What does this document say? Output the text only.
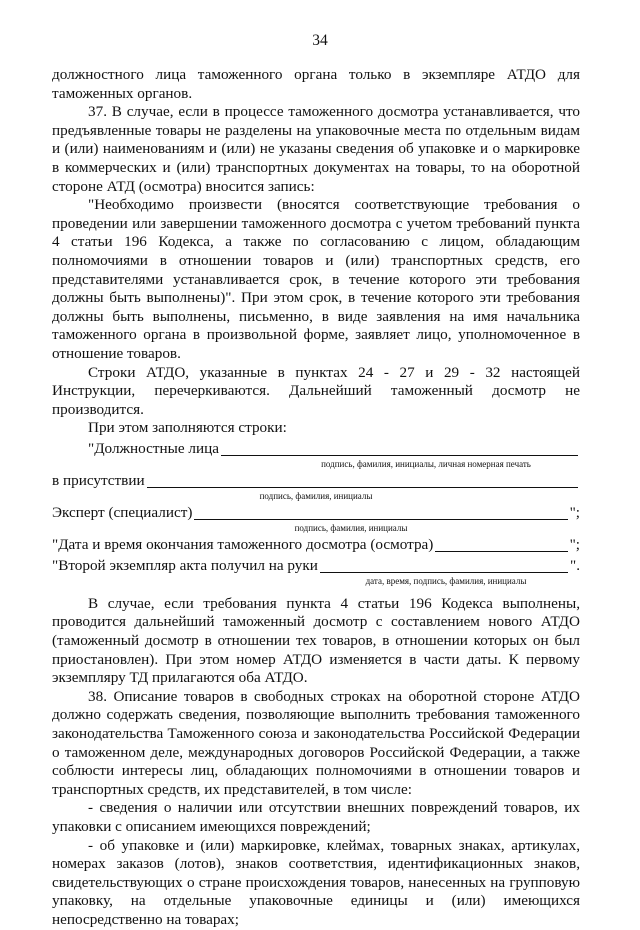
34

должностного лица таможенного органа только в экземпляре АТДО для таможенных органов.

37. В случае, если в процессе таможенного досмотра устанавливается, что предъявленные товары не разделены на упаковочные места по отдельным видам и (или) наименованиям и (или) не указаны сведения об упаковке и о маркировке в коммерческих и (или) транспортных документах на товары, то на оборотной стороне АТД (осмотра) вносится запись:

"Необходимо произвести (вносятся соответствующие требования о проведении или завершении таможенного досмотра с учетом требований пункта 4 статьи 196 Кодекса, а также по согласованию с лицом, обладающим полномочиями в отношении товаров и (или) транспортных средств, его представителями устанавливается срок, в течение которого эти требования должны быть выполнены)". При этом срок, в течение которого эти требования должны быть выполнены, письменно, в виде заявления на имя начальника таможенного органа в произвольной форме, заявляет лицо, уполномоченное в отношение товаров.

Строки АТДО, указанные в пунктах 24 - 27 и 29 - 32 настоящей Инструкции, перечеркиваются. Дальнейший таможенный досмотр не производится.

При этом заполняются строки:

"Должностные лица
подпись, фамилия, инициалы, личная номерная печать
в присутствии
подпись, фамилия, инициалы
Эксперт (специалист)	";
подпись, фамилия, инициалы
"Дата и время окончания таможенного досмотра (осмотра)	";
"Второй экземпляр акта получил на руки	".
дата, время, подпись, фамилия, инициалы

В случае, если требования пункта 4 статьи 196 Кодекса выполнены, проводится дальнейший таможенный досмотр с составлением нового АТДО (таможенный досмотр в отношении тех товаров, в отношении которых он был приостановлен). При этом номер АТДО изменяется в части даты. К первому экземпляру ТД прилагаются оба АТДО.

38. Описание товаров в свободных строках на оборотной стороне АТДО должно содержать сведения, позволяющие выполнить требования таможенного законодательства Таможенного союза и законодательства Российской Федерации о таможенном деле, международных договоров Российской Федерации, а также соблюсти интересы лиц, обладающих полномочиями в отношении товаров и транспортных средств, их представителей, в том числе:

- сведения о наличии или отсутствии внешних повреждений товаров, их упаковки с описанием имеющихся повреждений;

- об упаковке и (или) маркировке, клеймах, товарных знаках, артикулах, номерах заказов (лотов), знаков соответствия, идентификационных знаков, свидетельствующих о стране происхождения товаров, нанесенных на групповую упаковку, на отдельные упаковочные единицы и (или) имеющихся непосредственно на товарах;
